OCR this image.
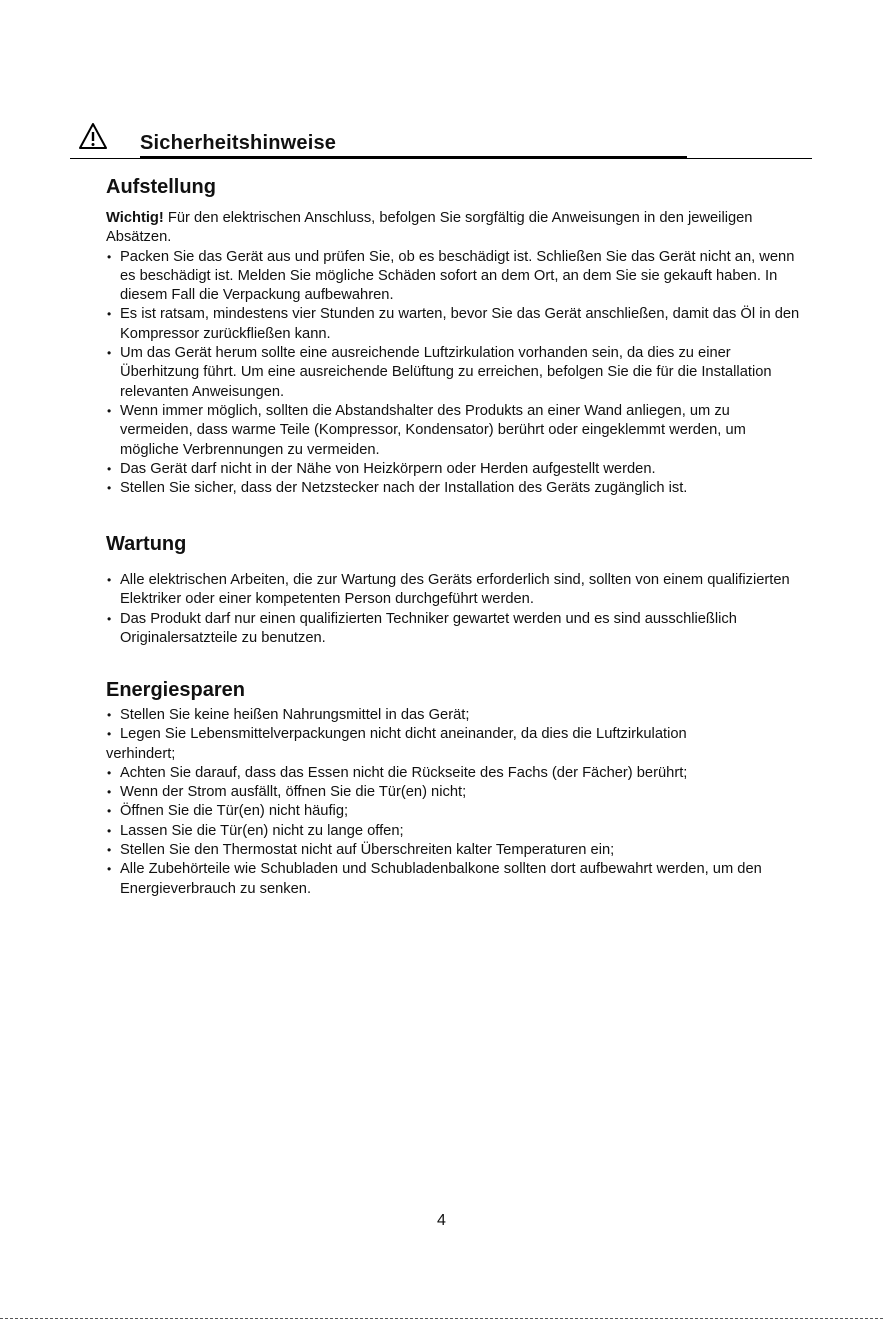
Sicherheitshinweise
Aufstellung
Wichtig! Für den elektrischen Anschluss, befolgen Sie sorgfältig die Anweisungen in den jeweiligen Absätzen.
• Packen Sie das Gerät aus und prüfen Sie, ob es beschädigt ist. Schließen Sie das Gerät nicht an, wenn es beschädigt ist. Melden Sie mögliche Schäden sofort an dem Ort, an dem Sie sie gekauft haben. In diesem Fall die Verpackung aufbewahren.
• Es ist ratsam, mindestens vier Stunden zu warten, bevor Sie das Gerät anschließen, damit das Öl in den Kompressor zurückfließen kann.
• Um das Gerät herum sollte eine ausreichende Luftzirkulation vorhanden sein, da dies zu einer Überhitzung führt. Um eine ausreichende Belüftung zu erreichen, befolgen Sie die für die Installation relevanten Anweisungen.
• Wenn immer möglich, sollten die Abstandshalter des Produkts an einer Wand anliegen, um zu vermeiden, dass warme Teile (Kompressor, Kondensator) berührt oder eingeklemmt werden, um mögliche Verbrennungen zu vermeiden.
• Das Gerät darf nicht in der Nähe von Heizkörpern oder Herden aufgestellt werden.
• Stellen Sie sicher, dass der Netzstecker nach der Installation des Geräts zugänglich ist.
Wartung
• Alle elektrischen Arbeiten, die zur Wartung des Geräts erforderlich sind, sollten von einem qualifizierten Elektriker oder einer kompetenten Person durchgeführt werden.
• Das Produkt darf nur einen qualifizierten Techniker gewartet werden und es sind ausschließlich Originalersatzteile zu benutzen.
Energiesparen
• Stellen Sie keine heißen Nahrungsmittel in das Gerät;
• Legen Sie Lebensmittelverpackungen nicht dicht aneinander, da dies die Luftzirkulation
verhindert;
• Achten Sie darauf, dass das Essen nicht die Rückseite des Fachs (der Fächer) berührt;
• Wenn der Strom ausfällt, öffnen Sie die Tür(en) nicht;
• Öffnen Sie die Tür(en) nicht häufig;
• Lassen Sie die Tür(en) nicht zu lange offen;
• Stellen Sie den Thermostat nicht auf Überschreiten kalter Temperaturen ein;
• Alle Zubehörteile wie Schubladen und Schubladenbalkone sollten dort aufbewahrt werden, um den Energieverbrauch zu senken.
4
